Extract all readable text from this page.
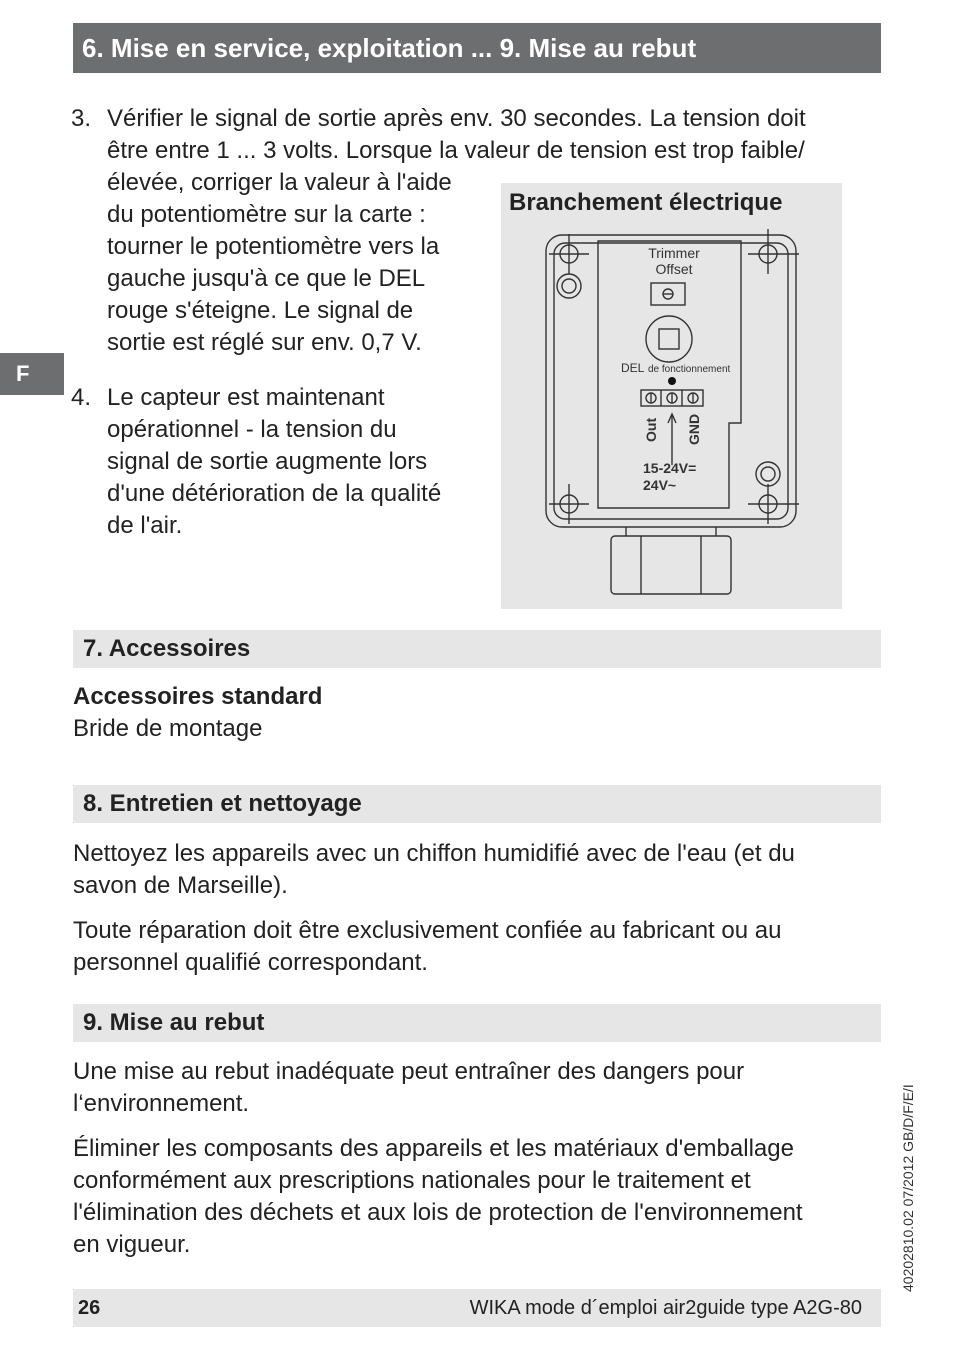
6. Mise en service, exploitation ... 9. Mise au rebut
F
3. Vérifier le signal de sortie après env. 30 secondes. La tension doit
être entre 1 ... 3 volts. Lorsque la valeur de tension est trop faible/
élevée, corriger la valeur à l'aide
du potentiomètre sur la carte :
tourner le potentiomètre vers la
gauche jusqu'à ce que le DEL
rouge s'éteigne. Le signal de
sortie est réglé sur env. 0,7 V.
4. Le capteur est maintenant
opérationnel - la tension du
signal de sortie augmente lors
d'une détérioration de la qualité
de l'air.
Trimmer
Offset
DEL de fonctionnement
Out GND
15-24V=
24V~
Branchement électrique
7. Accessoires
Accessoires standard
Bride de montage
8. Entretien et nettoyage
Nettoyez les appareils avec un chiffon humidifié avec de l'eau (et du
savon de Marseille).
Toute réparation doit être exclusivement confiée au fabricant ou au
personnel qualifié correspondant.
9. Mise au rebut
Une mise au rebut inadéquate peut entraîner des dangers pour
l‘environnement.
Éliminer les composants des appareils et les matériaux d'emballage
conformément aux prescriptions nationales pour le traitement et
l'élimination des déchets et aux lois de protection de l'environnement
en vigueur.	40202810.02 07/2012 GB/D/F/E/I
26	WIKA mode d´emploi air2guide type A2G-80
